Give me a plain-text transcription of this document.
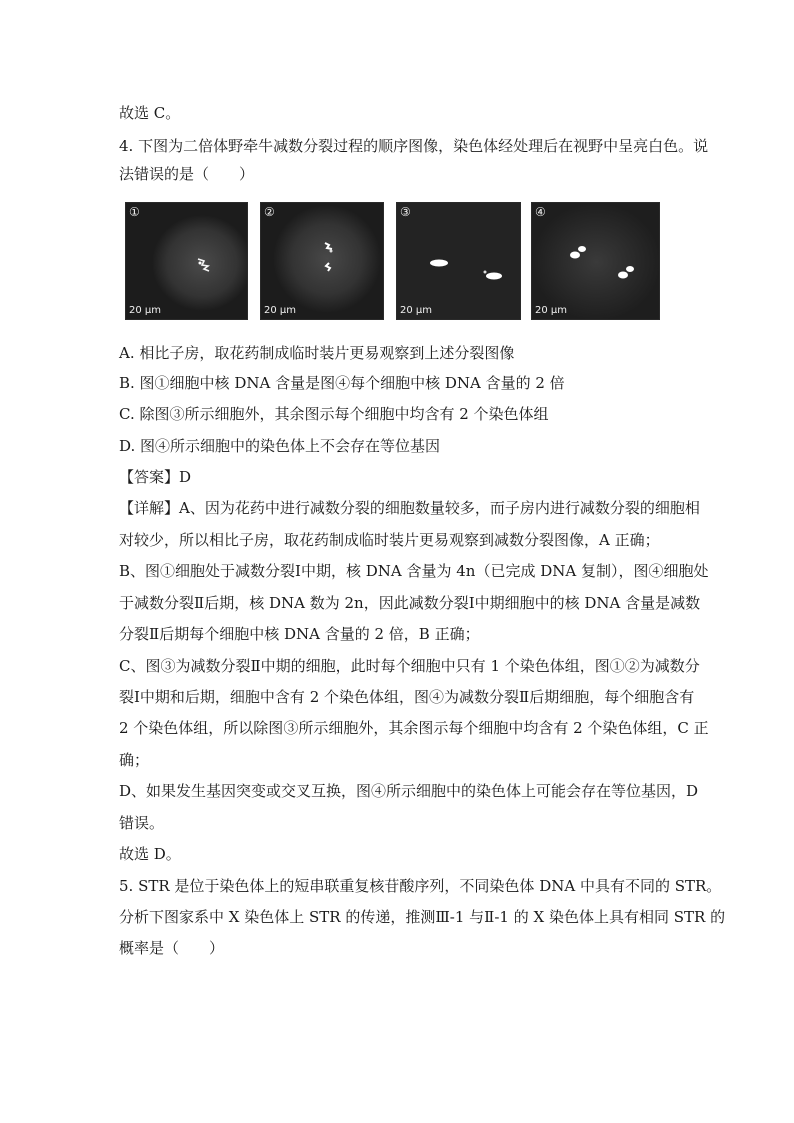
故选 C。
4. 下图为二倍体野牵牛减数分裂过程的顺序图像，染色体经处理后在视野中呈亮白色。说
法错误的是（　　）
①
20 μm
②
20 μm
③
20 μm
④
20 μm
A. 相比子房，取花药制成临时装片更易观察到上述分裂图像
B. 图①细胞中核 DNA 含量是图④每个细胞中核 DNA 含量的 2 倍
C. 除图③所示细胞外，其余图示每个细胞中均含有 2 个染色体组
D. 图④所示细胞中的染色体上不会存在等位基因
【答案】D
【详解】A、因为花药中进行减数分裂的细胞数量较多，而子房内进行减数分裂的细胞相
对较少，所以相比子房，取花药制成临时装片更易观察到减数分裂图像，A 正确；
B、图①细胞处于减数分裂Ⅰ中期，核 DNA 含量为 4n（已完成 DNA 复制），图④细胞处
于减数分裂Ⅱ后期，核 DNA 数为 2n，因此减数分裂Ⅰ中期细胞中的核 DNA 含量是减数
分裂Ⅱ后期每个细胞中核 DNA 含量的 2 倍，B 正确；
C、图③为减数分裂Ⅱ中期的细胞，此时每个细胞中只有 1 个染色体组，图①②为减数分
裂Ⅰ中期和后期，细胞中含有 2 个染色体组，图④为减数分裂Ⅱ后期细胞，每个细胞含有
2 个染色体组，所以除图③所示细胞外，其余图示每个细胞中均含有 2 个染色体组，C 正
确；
D、如果发生基因突变或交叉互换，图④所示细胞中的染色体上可能会存在等位基因，D
错误。
故选 D。
5. STR 是位于染色体上的短串联重复核苷酸序列，不同染色体 DNA 中具有不同的 STR。
分析下图家系中 X 染色体上 STR 的传递，推测Ⅲ-1 与Ⅱ-1 的 X 染色体上具有相同 STR 的
概率是（　　）
